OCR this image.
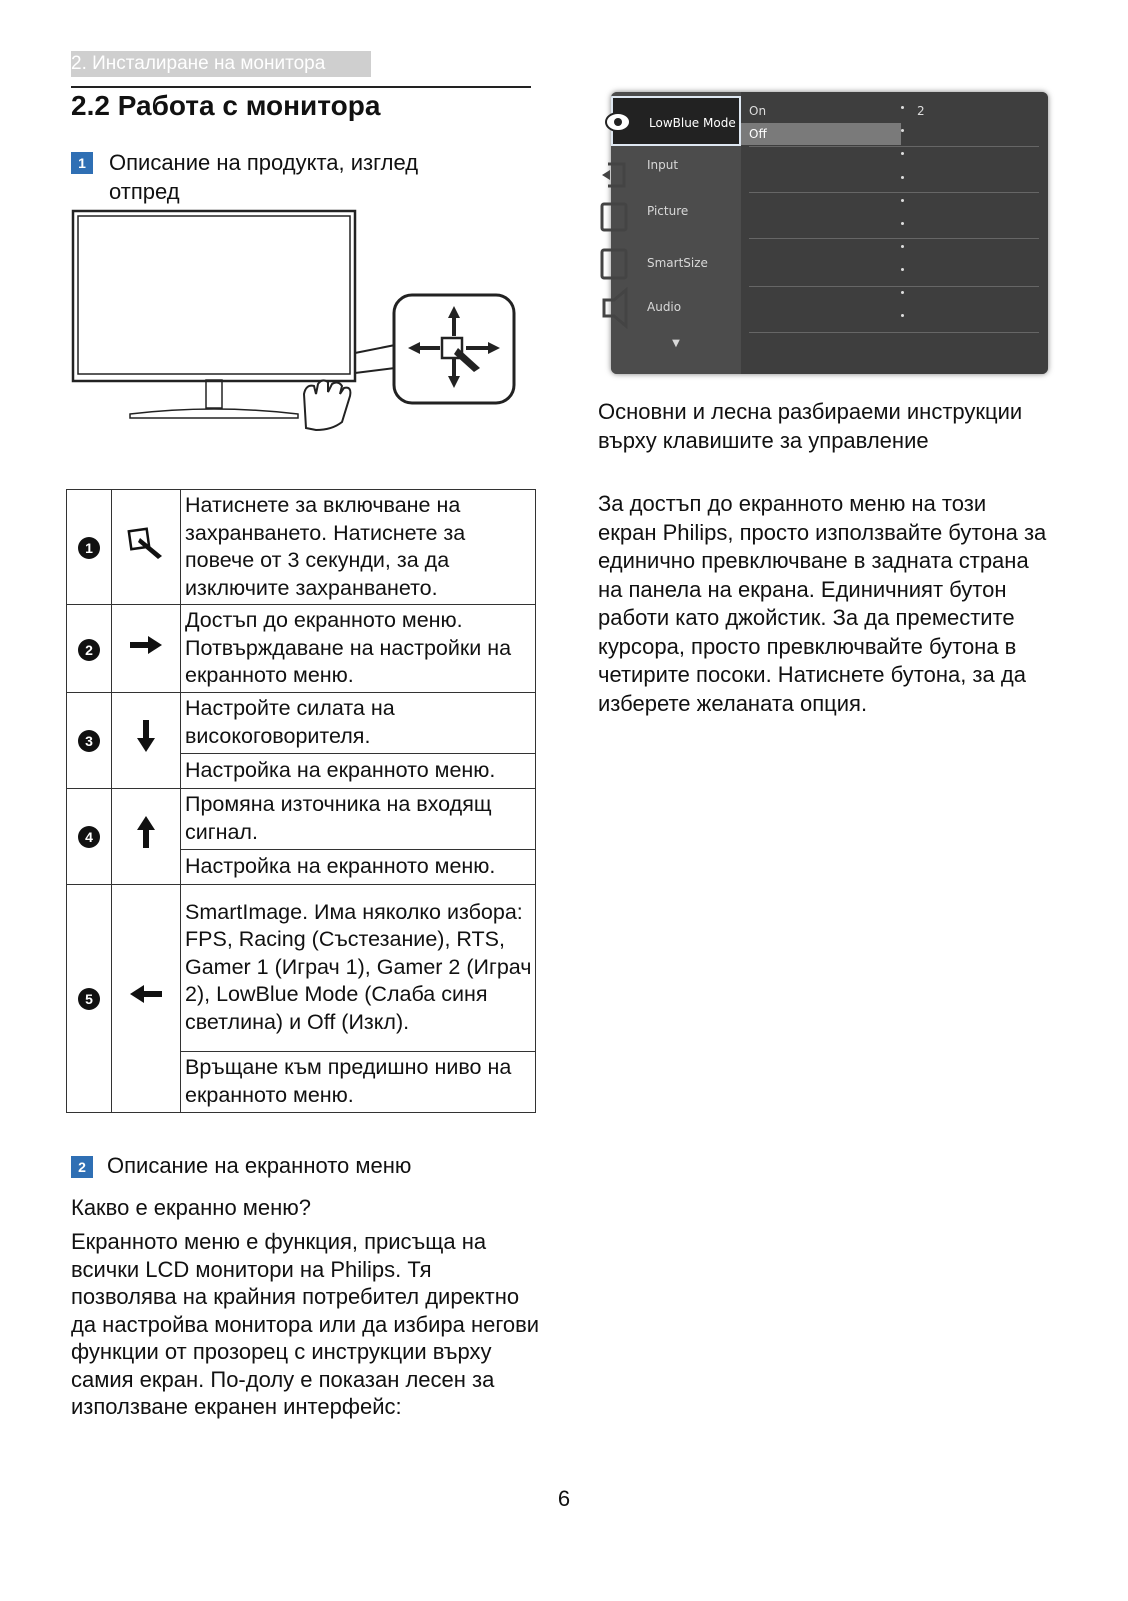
2. Инсталиране на монитора
2.2 Работа с монитора
1	Описание на продукта, изглед отпред
1		Натиснете за включване на захранването. Натиснете за повече от 3 секунди, за да изключите захранването.
2		Достъп до екранното меню. Потвърждаване на настройки на екранното меню.
3		Настройте силата на високоговорителя.
		Настройка на екранното меню.
4		Промяна източника на входящ сигнал.
		Настройка на екранното меню.
5		SmartImage. Има няколко избора: FPS, Racing (Състезание), RTS, Gamer 1 (Играч 1), Gamer 2 (Играч 2), LowBlue Mode (Слаба синя светлина) и Off (Изкл).
		Връщане към предишно ниво на екранното меню.
2 Описание на екранното меню
Какво е екранно меню?
Екранното меню е функция, присъща на всички LCD монитори на Philips. Тя позволява на крайния потребител директно да настройва монитора или да избира негови функции от прозорец с инструкции върху самия екран. По-долу е показан лесен за използване екранен интерфейс:
LowBlue Mode
Input
Picture
SmartSize
Audio
▼
On	2
Off
Основни и лесна разбираеми инструкции върху клавишите за управление
За достъп до екранното меню на този екран Philips, просто използвайте бутона за единично превключване в задната страна на панела на екрана. Единичният бутон работи като джойстик. За да преместите курсора, просто превключвайте бутона в четирите посоки. Натиснете бутона, за да изберете желаната опция.
6
